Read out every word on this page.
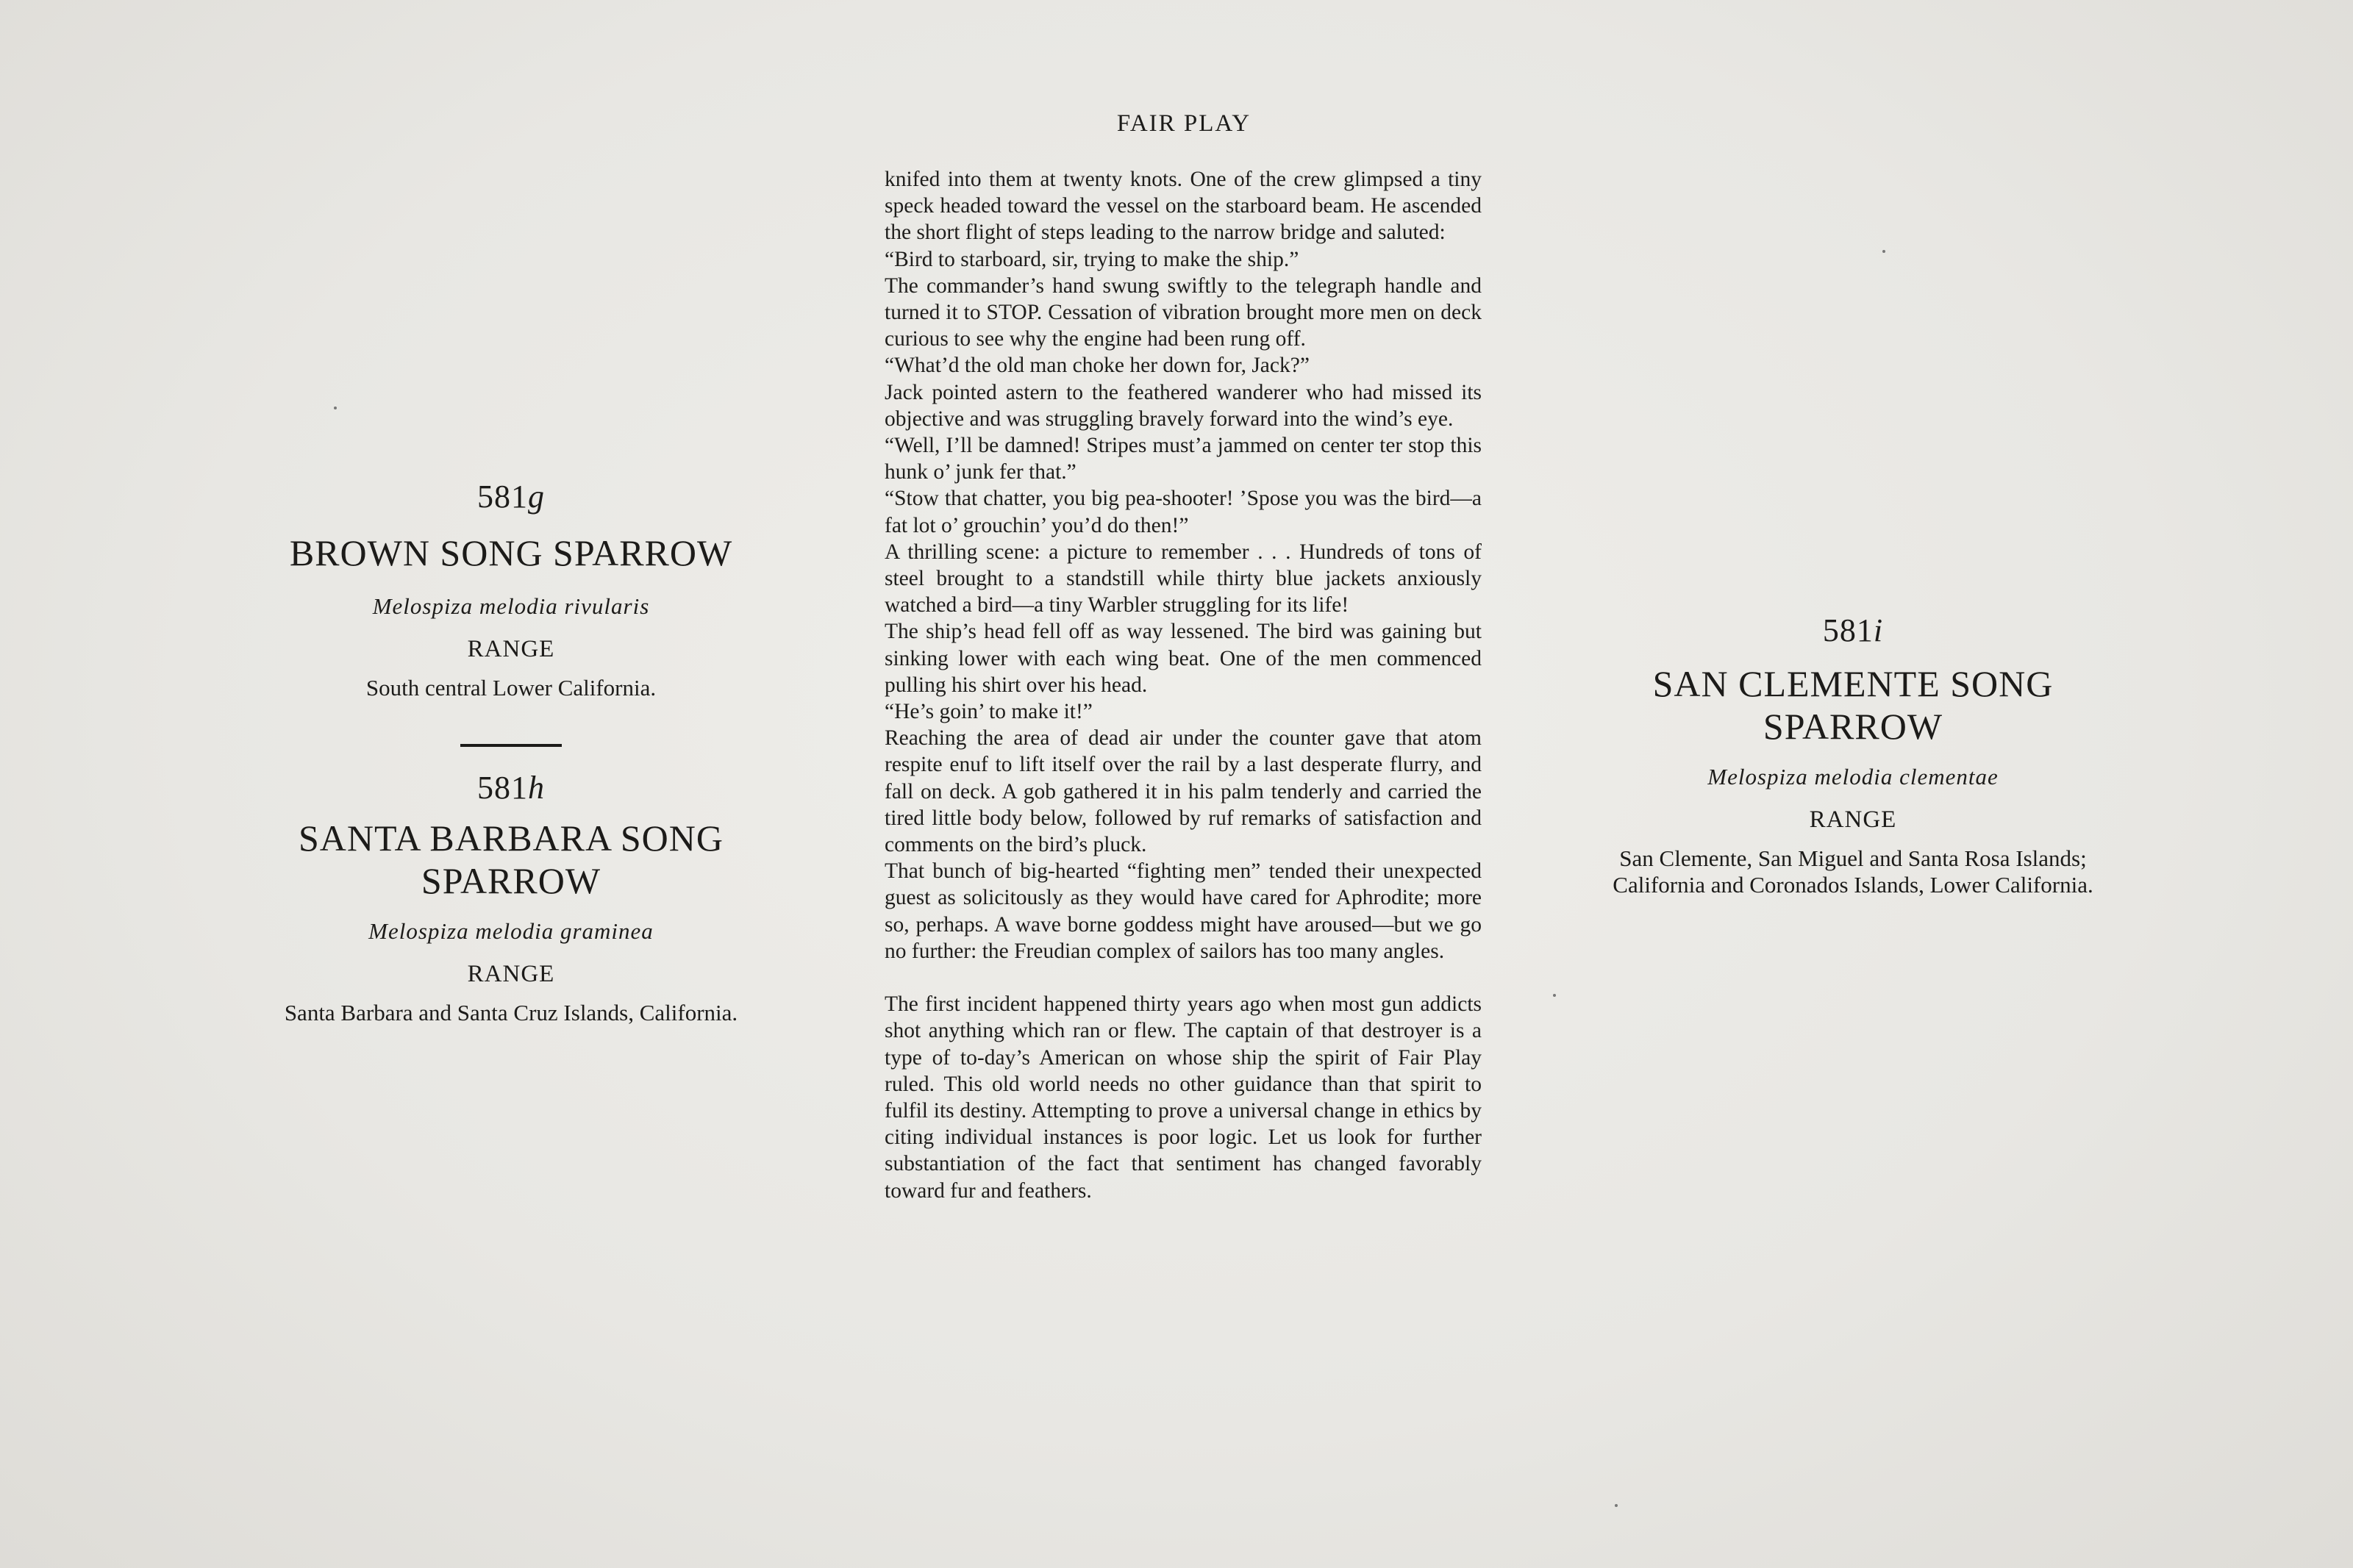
FAIR PLAY
581g
BROWN SONG SPARROW
Melospiza melodia rivularis
RANGE
South central Lower California.
581h
SANTA BARBARA SONG
SPARROW
Melospiza melodia graminea
RANGE
Santa Barbara and Santa Cruz Islands, California.

knifed into them at twenty knots. One of the crew glimpsed a tiny speck headed toward the vessel on the starboard beam. He ascended the short flight of steps leading to the narrow bridge and saluted:

“Bird to starboard, sir, trying to make the ship.”

The commander’s hand swung swiftly to the telegraph handle and turned it to STOP. Cessation of vibration brought more men on deck curious to see why the engine had been rung off.

“What’d the old man choke her down for, Jack?”

Jack pointed astern to the feathered wanderer who had missed its objective and was struggling bravely forward into the wind’s eye.

“Well, I’ll be damned! Stripes must’a jammed on center ter stop this hunk o’ junk fer that.”

“Stow that chatter, you big pea-shooter! ’Spose you was the bird—a fat lot o’ grouchin’ you’d do then!”

A thrilling scene: a picture to remember . . . Hundreds of tons of steel brought to a standstill while thirty blue jackets anxiously watched a bird—a tiny Warbler struggling for its life!

The ship’s head fell off as way lessened. The bird was gaining but sinking lower with each wing beat. One of the men commenced pulling his shirt over his head.

“He’s goin’ to make it!”

Reaching the area of dead air under the counter gave that atom respite enuf to lift itself over the rail by a last desperate flurry, and fall on deck. A gob gathered it in his palm tenderly and carried the tired little body below, followed by ruf remarks of satisfaction and comments on the bird’s pluck.

That bunch of big-hearted “fighting men” tended their unexpected guest as solicitously as they would have cared for Aphrodite; more so, perhaps. A wave borne goddess might have aroused—but we go no further: the Freudian complex of sailors has too many angles.

The first incident happened thirty years ago when most gun addicts shot anything which ran or flew. The captain of that destroyer is a type of to-day’s American on whose ship the spirit of Fair Play ruled. This old world needs no other guidance than that spirit to fulfil its destiny. Attempting to prove a universal change in ethics by citing individual instances is poor logic. Let us look for further substantiation of the fact that sentiment has changed favorably toward fur and feathers.

581i
SAN CLEMENTE SONG
SPARROW
Melospiza melodia clementae
RANGE
San Clemente, San Miguel and Santa Rosa Islands;
California and Coronados Islands, Lower California.
